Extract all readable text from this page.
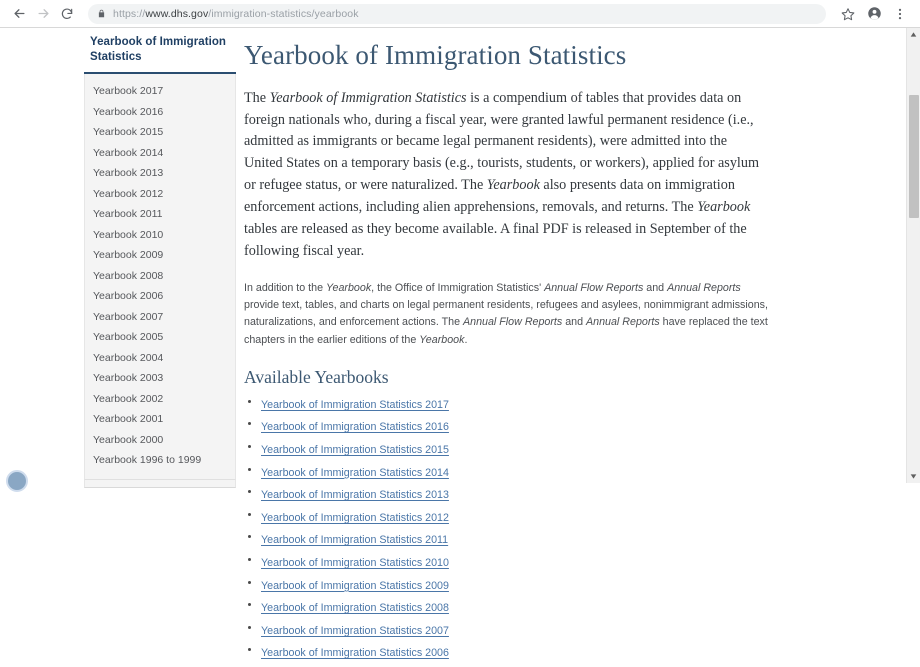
https://www.dhs.gov/immigration-statistics/yearbook
Yearbook of Immigration Statistics
Yearbook 2017
Yearbook 2016
Yearbook 2015
Yearbook 2014
Yearbook 2013
Yearbook 2012
Yearbook 2011
Yearbook 2010
Yearbook 2009
Yearbook 2008
Yearbook 2006
Yearbook 2007
Yearbook 2005
Yearbook 2004
Yearbook 2003
Yearbook 2002
Yearbook 2001
Yearbook 2000
Yearbook 1996 to 1999
Yearbook of Immigration Statistics

The Yearbook of Immigration Statistics is a compendium of tables that provides data on foreign nationals who, during a fiscal year, were granted lawful permanent residence (i.e., admitted as immigrants or became legal permanent residents), were admitted into the United States on a temporary basis (e.g., tourists, students, or workers), applied for asylum or refugee status, or were naturalized. The Yearbook also presents data on immigration enforcement actions, including alien apprehensions, removals, and returns. The Yearbook tables are released as they become available. A final PDF is released in September of the following fiscal year.

In addition to the Yearbook, the Office of Immigration Statistics' Annual Flow Reports and Annual Reports provide text, tables, and charts on legal permanent residents, refugees and asylees, nonimmigrant admissions, naturalizations, and enforcement actions. The Annual Flow Reports and Annual Reports have replaced the text chapters in the earlier editions of the Yearbook.

Available Yearbooks
Yearbook of Immigration Statistics 2017
Yearbook of Immigration Statistics 2016
Yearbook of Immigration Statistics 2015
Yearbook of Immigration Statistics 2014
Yearbook of Immigration Statistics 2013
Yearbook of Immigration Statistics 2012
Yearbook of Immigration Statistics 2011
Yearbook of Immigration Statistics 2010
Yearbook of Immigration Statistics 2009
Yearbook of Immigration Statistics 2008
Yearbook of Immigration Statistics 2007
Yearbook of Immigration Statistics 2006
